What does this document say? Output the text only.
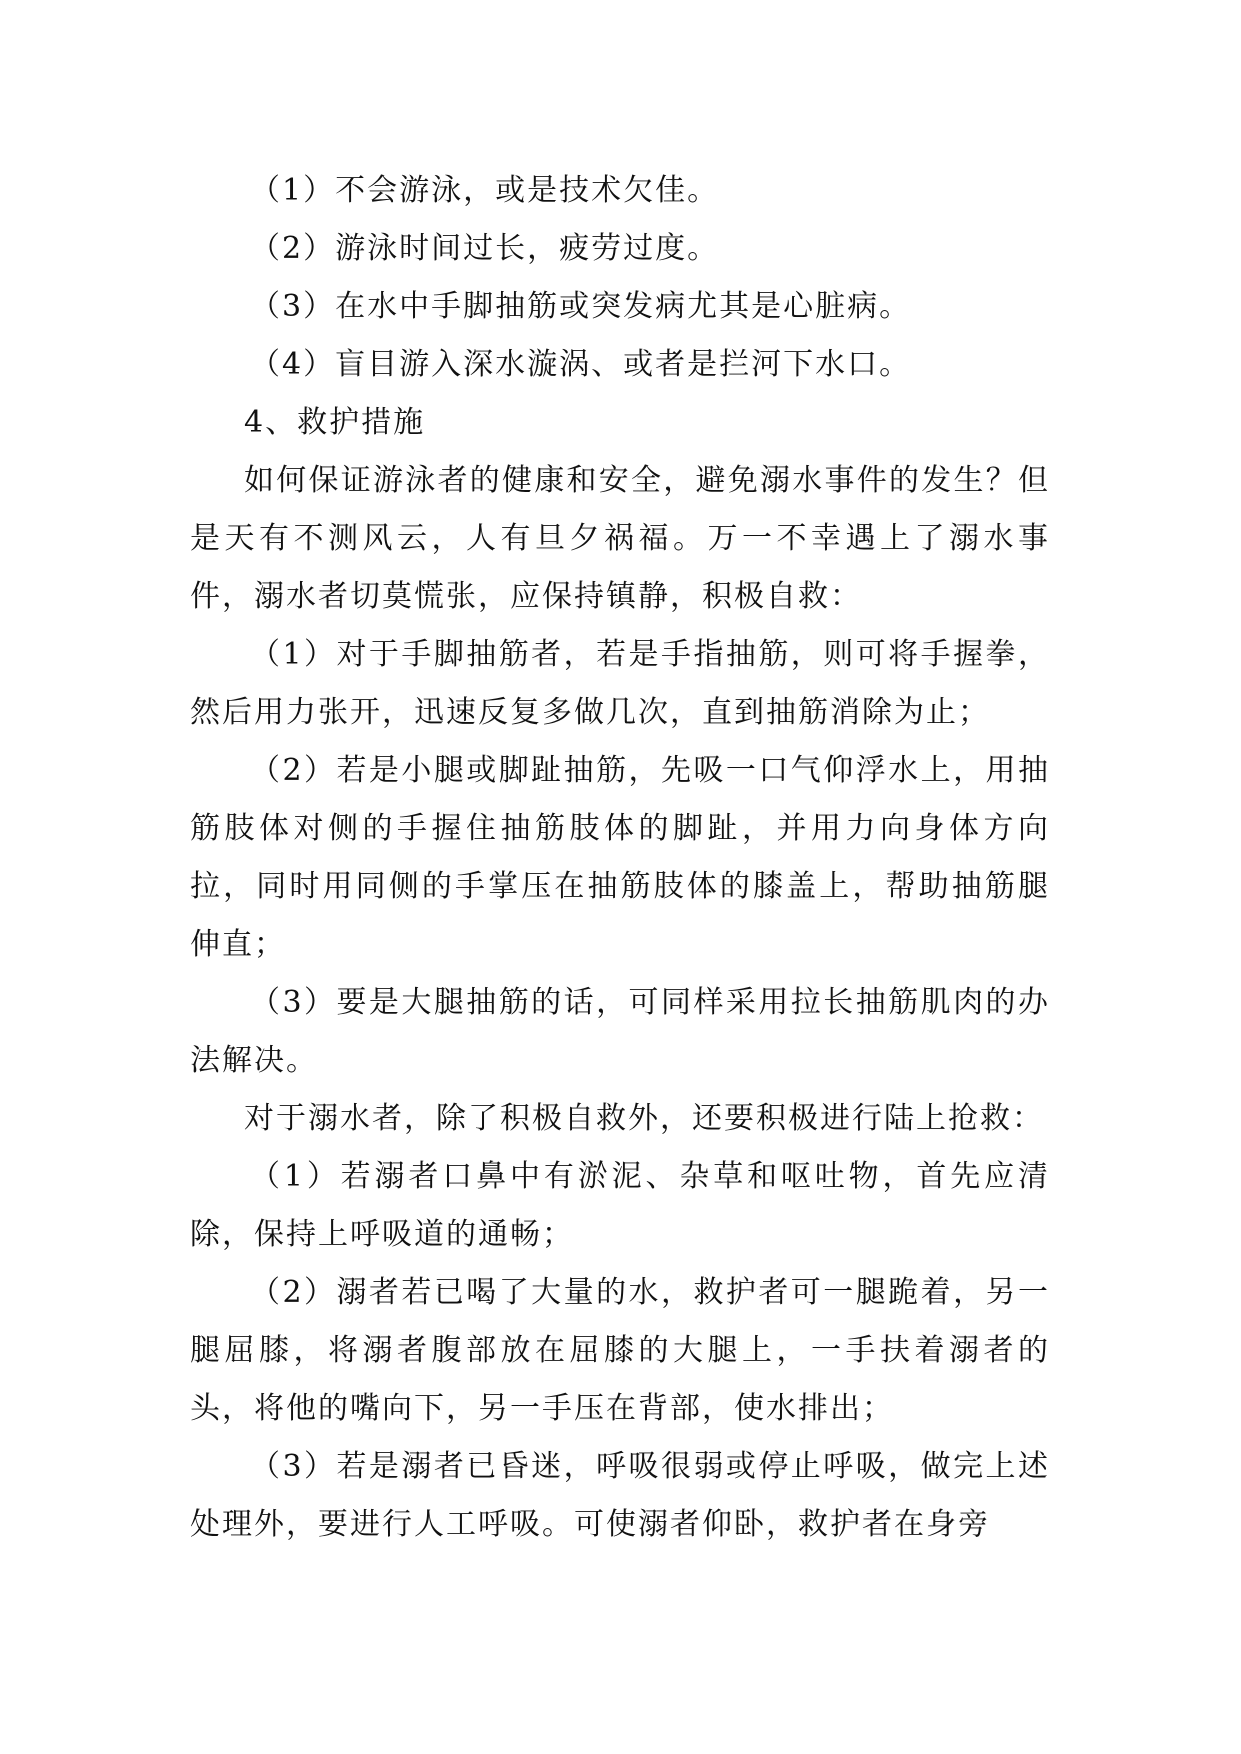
（1）不会游泳，或是技术欠佳。

（2）游泳时间过长，疲劳过度。

（3）在水中手脚抽筋或突发病尤其是心脏病。

（4）盲目游入深水漩涡、或者是拦河下水口。

4、救护措施

如何保证游泳者的健康和安全，避免溺水事件的发生？但是天有不测风云，人有旦夕祸福。万一不幸遇上了溺水事件，溺水者切莫慌张，应保持镇静，积极自救：

（1）对于手脚抽筋者，若是手指抽筋，则可将手握拳，然后用力张开，迅速反复多做几次，直到抽筋消除为止；

（2）若是小腿或脚趾抽筋，先吸一口气仰浮水上，用抽筋肢体对侧的手握住抽筋肢体的脚趾，并用力向身体方向拉，同时用同侧的手掌压在抽筋肢体的膝盖上，帮助抽筋腿伸直；

（3）要是大腿抽筋的话，可同样采用拉长抽筋肌肉的办法解决。

对于溺水者，除了积极自救外，还要积极进行陆上抢救：

（1）若溺者口鼻中有淤泥、杂草和呕吐物，首先应清除，保持上呼吸道的通畅；

（2）溺者若已喝了大量的水，救护者可一腿跪着，另一腿屈膝，将溺者腹部放在屈膝的大腿上，一手扶着溺者的头，将他的嘴向下，另一手压在背部，使水排出；

（3）若是溺者已昏迷，呼吸很弱或停止呼吸，做完上述处理外，要进行人工呼吸。可使溺者仰卧，救护者在身旁
